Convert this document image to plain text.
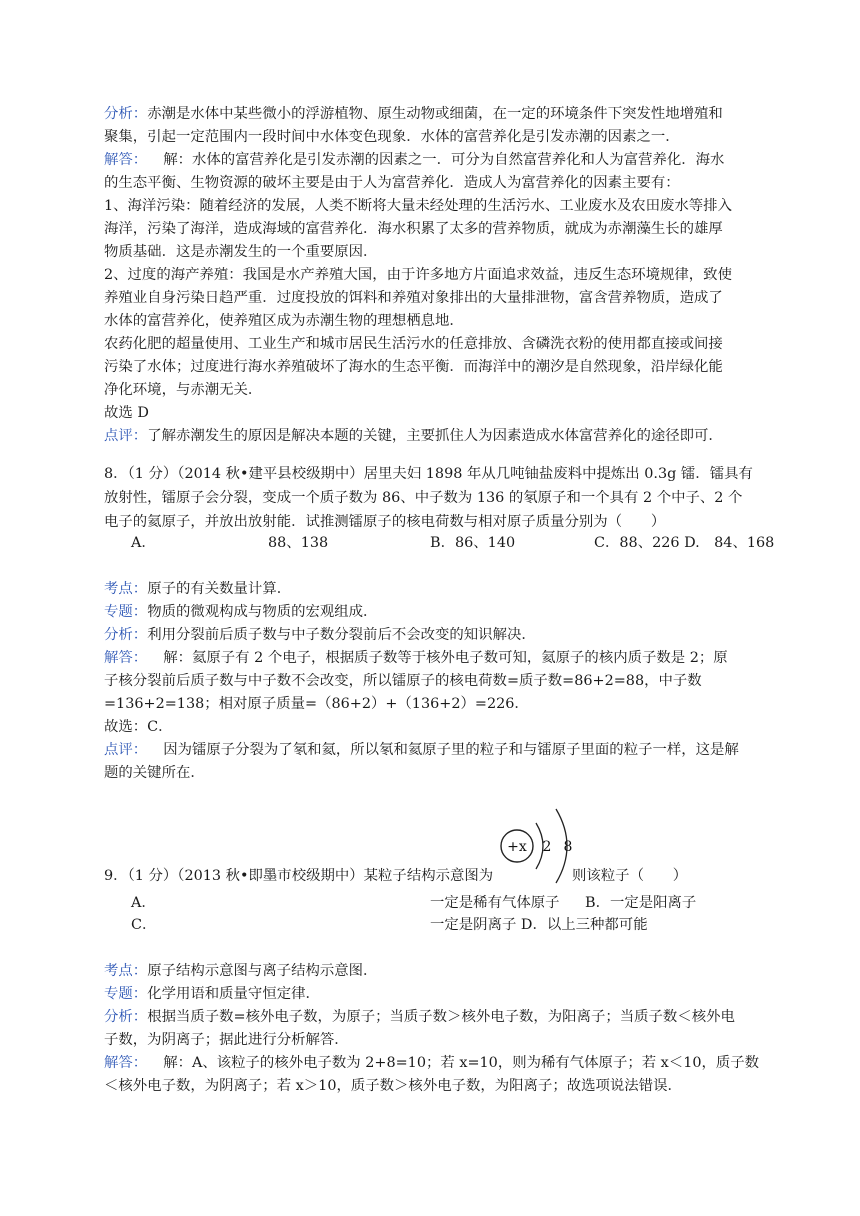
分析：赤潮是水体中某些微小的浮游植物、原生动物或细菌，在一定的环境条件下突发性地增殖和
聚集，引起一定范围内一段时间中水体变色现象．水体的富营养化是引发赤潮的因素之一．
解答： 解：水体的富营养化是引发赤潮的因素之一．可分为自然富营养化和人为富营养化．海水
的生态平衡、生物资源的破坏主要是由于人为富营养化．造成人为富营养化的因素主要有：
1、海洋污染：随着经济的发展，人类不断将大量未经处理的生活污水、工业废水及农田废水等排入
海洋，污染了海洋，造成海域的富营养化．海水积累了太多的营养物质，就成为赤潮藻生长的雄厚
物质基础．这是赤潮发生的一个重要原因．
2、过度的海产养殖：我国是水产养殖大国，由于许多地方片面追求效益，违反生态环境规律，致使
养殖业自身污染日趋严重．过度投放的饵料和养殖对象排出的大量排泄物，富含营养物质，造成了
水体的富营养化，使养殖区成为赤潮生物的理想栖息地．
农药化肥的超量使用、工业生产和城市居民生活污水的任意排放、含磷洗衣粉的使用都直接或间接
污染了水体；过度进行海水养殖破坏了海水的生态平衡．而海洋中的潮汐是自然现象，沿岸绿化能
净化环境，与赤潮无关．
故选 D
点评：了解赤潮发生的原因是解决本题的关键，主要抓住人为因素造成水体富营养化的途径即可．
8．（1 分）（2014 秋•建平县校级期中）居里夫妇 1898 年从几吨铀盐废料中提炼出 0.3g 镭．镭具有
放射性，镭原子会分裂，变成一个质子数为 86、中子数为 136 的氡原子和一个具有 2 个中子、2 个
电子的氦原子，并放出放射能．试推测镭原子的核电荷数与相对原子质量分别为（　　）
A．	88、138	B．86、140	C．88、226 D.　84、168
考点：原子的有关数量计算．
专题：物质的微观构成与物质的宏观组成．
分析：利用分裂前后质子数与中子数分裂前后不会改变的知识解决．
解答： 解：氦原子有 2 个电子，根据质子数等于核外电子数可知，氦原子的核内质子数是 2；原
子核分裂前后质子数与中子数不会改变，所以镭原子的核电荷数=质子数=86+2=88，中子数
=136+2=138；相对原子质量=（86+2）+（136+2）=226．
故选：C．
点评： 因为镭原子分裂为了氡和氦，所以氡和氦原子里的粒子和与镭原子里面的粒子一样，这是解
题的关键所在．
+x 2 8
9．（1 分）（2013 秋•即墨市校级期中）某粒子结构示意图为	则该粒子（　　）
A．	一定是稀有气体原子 B．一定是阳离子
C．	一定是阴离子 D．以上三种都可能
考点：原子结构示意图与离子结构示意图．
专题：化学用语和质量守恒定律．
分析：根据当质子数=核外电子数，为原子；当质子数＞核外电子数，为阳离子；当质子数＜核外电
子数，为阴离子；据此进行分析解答．
解答： 解：A、该粒子的核外电子数为 2+8=10；若 x=10，则为稀有气体原子；若 x＜10，质子数
＜核外电子数，为阴离子；若 x＞10，质子数＞核外电子数，为阳离子；故选项说法错误．
